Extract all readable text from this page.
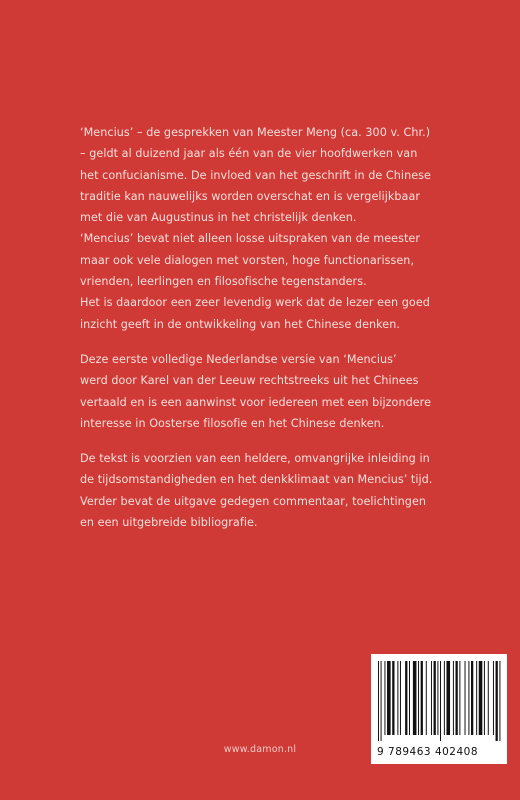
‘Mencius’ – de gesprekken van Meester Meng (ca. 300 v. Chr.)
– geldt al duizend jaar als één van de vier hoofdwerken van
het confucianisme. De invloed van het geschrift in de Chinese
traditie kan nauwelijks worden overschat en is vergelijkbaar
met die van Augustinus in het christelijk denken.
‘Mencius’ bevat niet alleen losse uitspraken van de meester
maar ook vele dialogen met vorsten, hoge functionarissen,
vrienden, leerlingen en filosofische tegenstanders.
Het is daardoor een zeer levendig werk dat de lezer een goed
inzicht geeft in de ontwikkeling van het Chinese denken.
Deze eerste volledige Nederlandse versie van ‘Mencius’
werd door Karel van der Leeuw rechtstreeks uit het Chinees
vertaald en is een aanwinst voor iedereen met een bijzondere
interesse in Oosterse filosofie en het Chinese denken.
De tekst is voorzien van een heldere, omvangrijke inleiding in
de tijdsomstandigheden en het denkklimaat van Mencius’ tijd.
Verder bevat de uitgave gedegen commentaar, toelichtingen
en een uitgebreide bibliografie.
www.damon.nl	9 789463 402408
